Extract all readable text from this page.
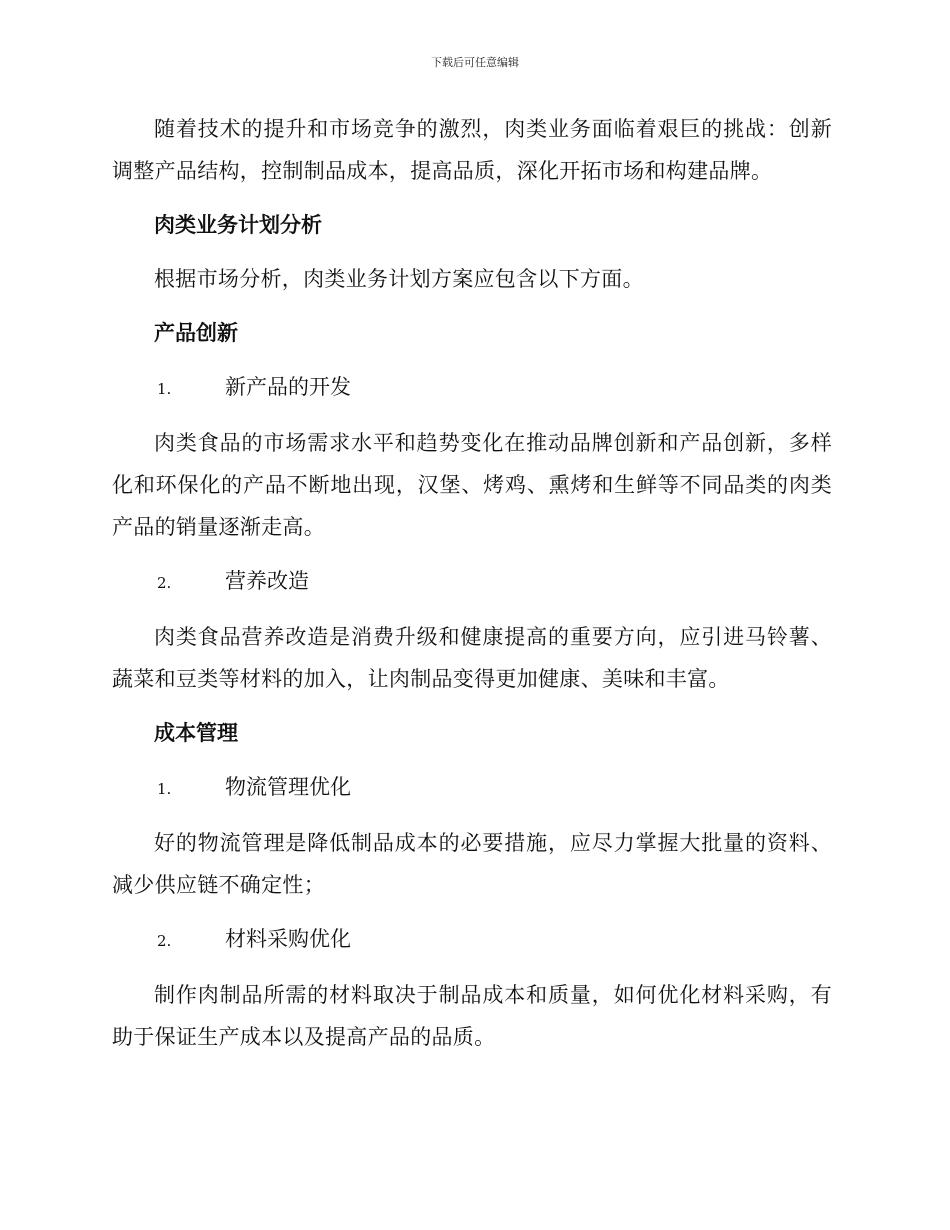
下载后可任意编辑

随着技术的提升和市场竞争的激烈，肉类业务面临着艰巨的挑战：创新调整产品结构，控制制品成本，提高品质，深化开拓市场和构建品牌。

肉类业务计划分析

根据市场分析，肉类业务计划方案应包含以下方面。

产品创新
1.	新产品的开发

肉类食品的市场需求水平和趋势变化在推动品牌创新和产品创新，多样化和环保化的产品不断地出现，汉堡、烤鸡、熏烤和生鲜等不同品类的肉类产品的销量逐渐走高。

2.	营养改造

肉类食品营养改造是消费升级和健康提高的重要方向，应引进马铃薯、蔬菜和豆类等材料的加入，让肉制品变得更加健康、美味和丰富。

成本管理
1.	物流管理优化

好的物流管理是降低制品成本的必要措施，应尽力掌握大批量的资料、减少供应链不确定性；

2.	材料采购优化

制作肉制品所需的材料取决于制品成本和质量，如何优化材料采购，有助于保证生产成本以及提高产品的品质。
